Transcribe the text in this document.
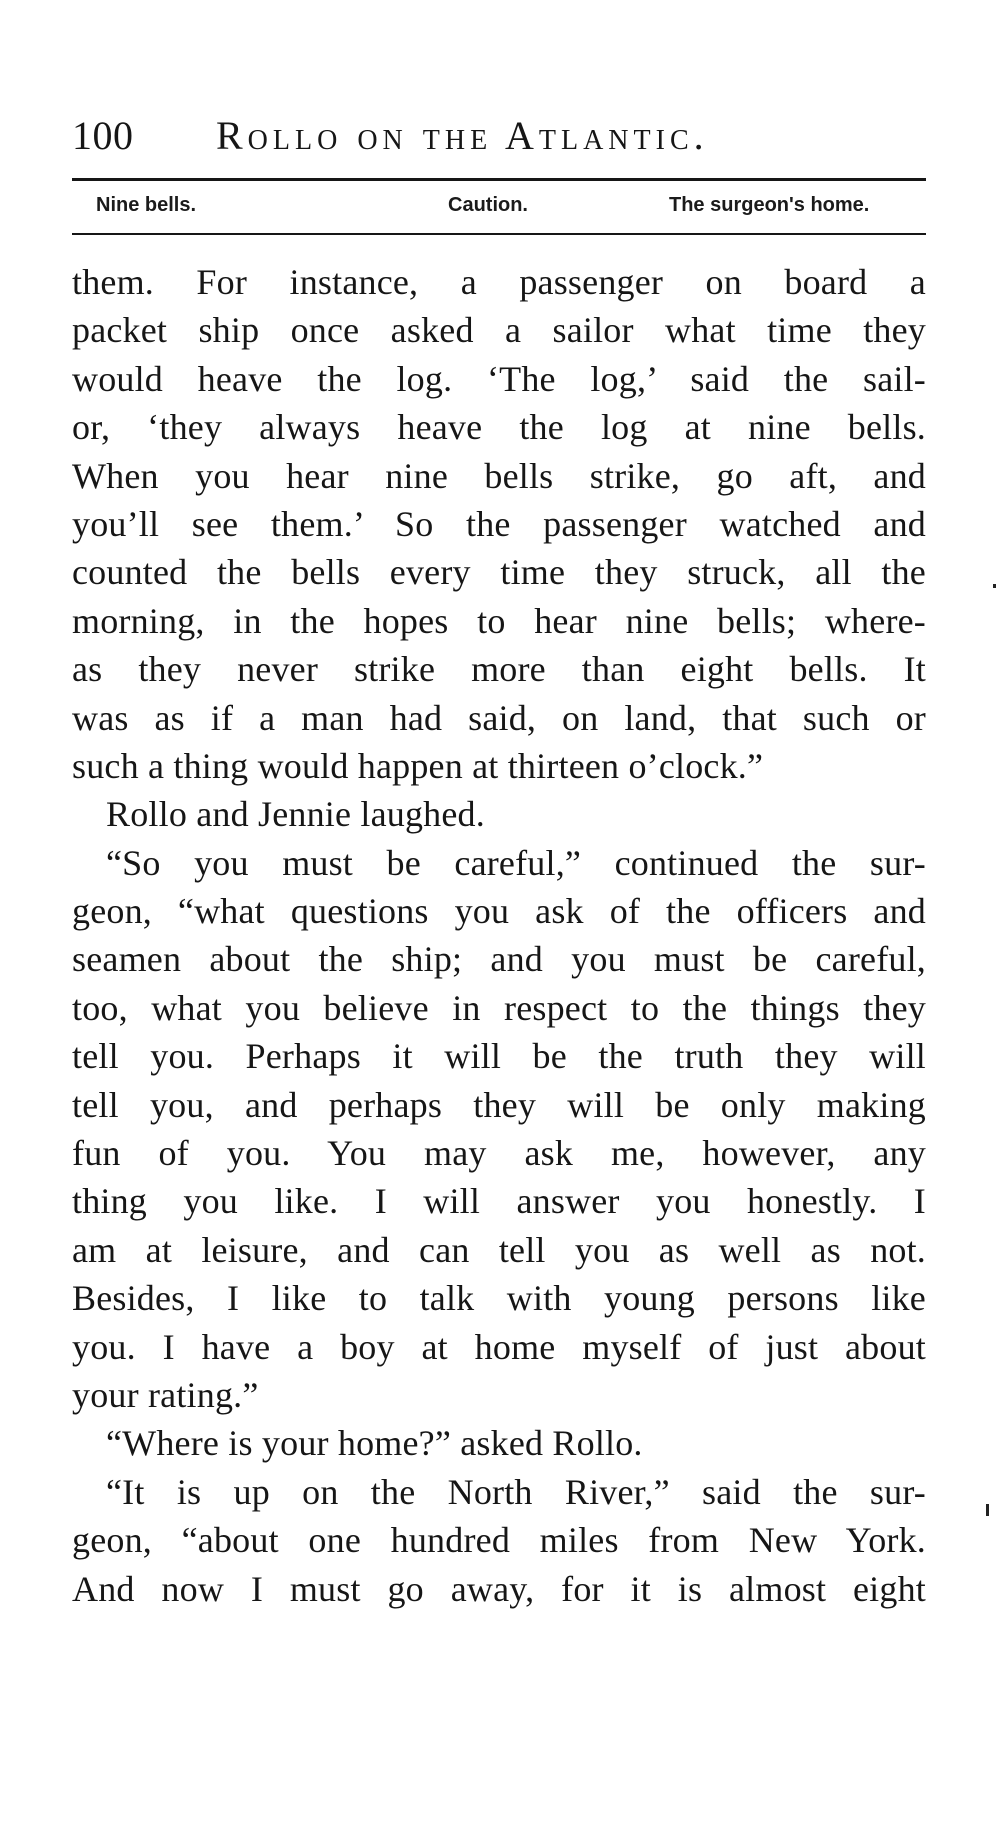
100 Rollo on the Atlantic.
Nine bells.	Caution.	The surgeon's home.
them. For instance, a passenger on board a
packet ship once asked a sailor what time they
would heave the log. ‘The log,’ said the sail-
or, ‘they always heave the log at nine bells.
When you hear nine bells strike, go aft, and
you’ll see them.’ So the passenger watched and
counted the bells every time they struck, all the
morning, in the hopes to hear nine bells; where-
as they never strike more than eight bells. It
was as if a man had said, on land, that such or
such a thing would happen at thirteen o’clock.”
Rollo and Jennie laughed.
“So you must be careful,” continued the sur-
geon, “what questions you ask of the officers and
seamen about the ship; and you must be careful,
too, what you believe in respect to the things they
tell you. Perhaps it will be the truth they will
tell you, and perhaps they will be only making
fun of you. You may ask me, however, any
thing you like. I will answer you honestly. I
am at leisure, and can tell you as well as not.
Besides, I like to talk with young persons like
you. I have a boy at home myself of just about
your rating.”
“Where is your home?” asked Rollo.
“It is up on the North River,” said the sur-
geon, “about one hundred miles from New York.
And now I must go away, for it is almost eight
